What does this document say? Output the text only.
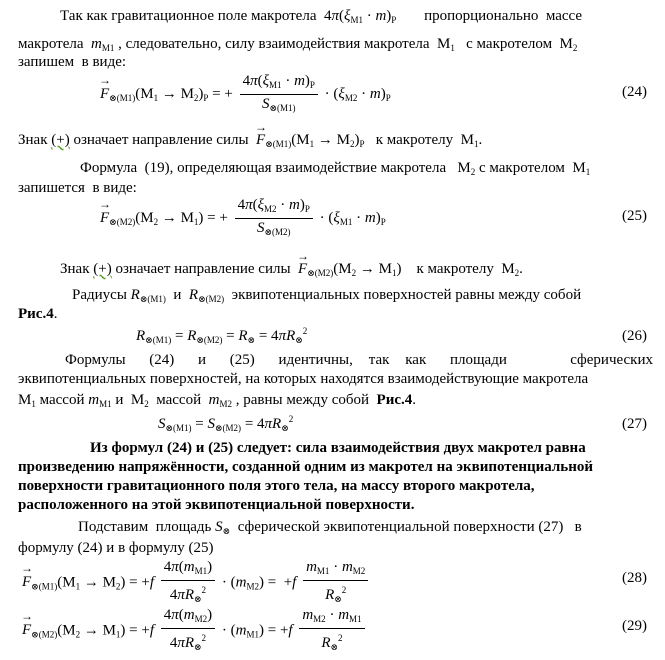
Так как гравитационное поле макротела  $4\pi(\xi_{М1} \cdot m)_Р$ пропорционально  массе
макротела  $m_{М1}$ , следовательно, силу взаимодействия макротела  $М_1$   с макротелом  $М_2$
запишем  в виде:
→ $F_{\otimes(М1)}(М_1 \to М_2)_Р$ = + $\frac{4\pi(\xi_{М1} \cdot m)_Р}{S_{\otimes(М1)}} \cdot (\xi_{М2} \cdot m)_Р$	(24)
Знак (+) означает направление силы  → $F_{\otimes(М1)}(М_1 \to М_2)_Р$   к макротелу  $М_1$.
Формула  (19), определяющая взаимодействие макротела   $М_2$ с макротелом  $М_1$
запишется  в виде:
→ $F_{\otimes(М2)}(М_2 \to М_1)$ = + $\frac{4\pi(\xi_{М2} \cdot m)_Р}{S_{\otimes(М2)}} \cdot (\xi_{М1} \cdot m)_Р$	(25)
Знак (+) означает направление силы  → $F_{\otimes(М2)}(М_2 \to М_1)$    к макротелу  $М_2$.
Радиусы $R_{\otimes(М1)}$  и  $R_{\otimes(М2)}$  эквипотенциальных поверхностей равны между собой
Рис.4.
$R_{\otimes(М1)} = R_{\otimes(М2)} = R_\otimes = 4\pi R_\otimes^2$	(26)
Формулы   (24)   и   (25)   идентичны,  так  как   площади        сферических
эквипотенциальных поверхностей, на которых находятся взаимодействующие макротела
$М_1$ массой $m_{М1}$ и  $М_2$  массой  $m_{М2}$ , равны между собой  Рис.4.
$S_{\otimes(М1)} = S_{\otimes(М2)} = 4\pi R_\otimes^2$	(27)
Из формул (24) и (25) следует: сила взаимодействия двух макротел равна
произведению напряжённости, созданной одним из макротел на эквипотенциальной
поверхности гравитационного поля этого тела, на массу второго макротела,
расположенного на этой эквипотенциальной поверхности.
Подставим  площадь $S_\otimes$  сферической эквипотенциальной поверхности (27)   в
формулу (24) и в формулу (25)
→ $F_{\otimes(М1)}(М_1 \to М_2) = +f \frac{4\pi(m_{М1})}{4\pi R_\otimes^2} \cdot (m_{М2}) = +f \frac{m_{М1} \cdot m_{М2}}{R_\otimes^2}$	(28)
→ $F_{\otimes(М2)}(М_2 \to М_1) = +f \frac{4\pi(m_{М2})}{4\pi R_\otimes^2} \cdot (m_{М1}) = +f \frac{m_{М2} \cdot m_{М1}}{R_\otimes^2}$	(29)
